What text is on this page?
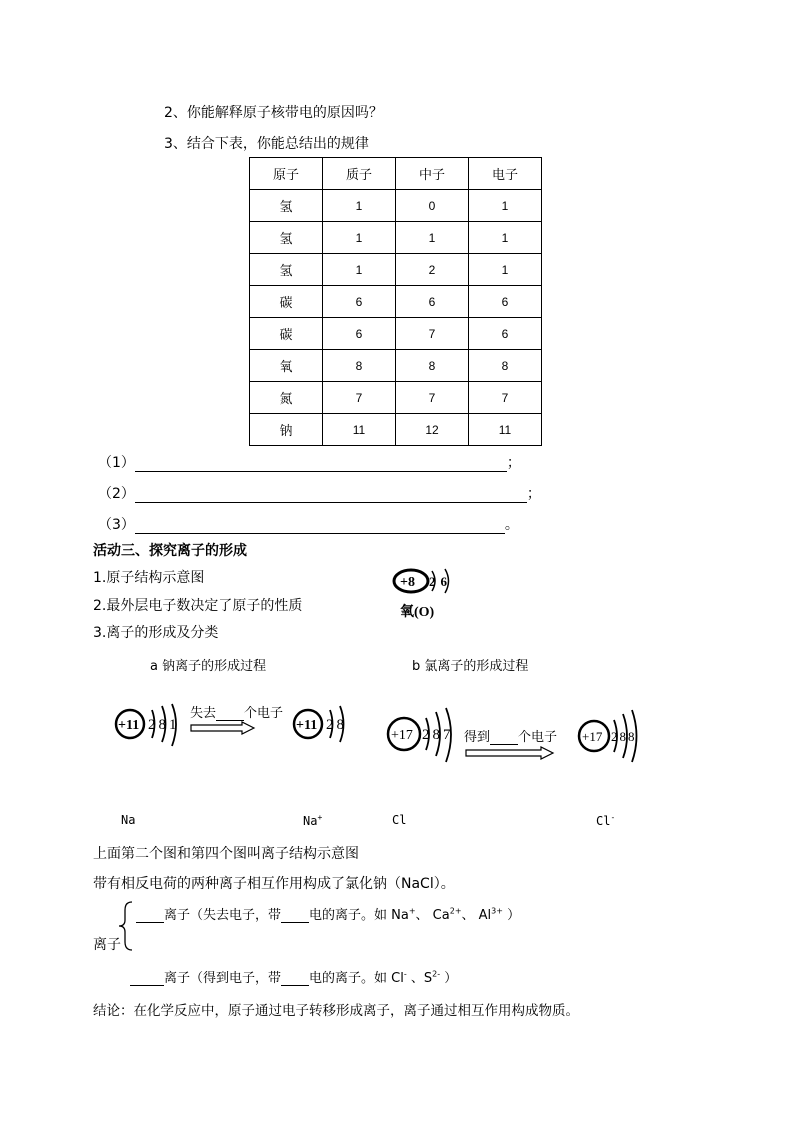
2、你能解释原子核带电的原因吗？
3、结合下表，你能总结出的规律
原子	质子	中子	电子
氢	1	0	1
氢	1	1	1
氢	1	2	1
碳	6	6	6
碳	6	7	6
氧	8	8	8
氮	7	7	7
钠	11	12	11
（1）	；
（2）	；
（3）	。
活动三、探究离子的形成
1.原子结构示意图
2.最外层电子数决定了原子的性质
3.离子的形成及分类
+8 26
氧(O)
a 钠离子的形成过程	b 氯离子的形成过程
+11 281
失去 个电子
+11 28
+17 287 得到 个电子 +17 288
Na	Na+	Cl	Cl-
上面第二个图和第四个图叫离子结构示意图
带有相反电荷的两种离子相互作用构成了氯化钠（NaCl）。
离子
离子（失去电子，带 电的离子。如 Na+、 $Ca^{2+}$、 $Al^{3+}$ ）
离子（得到电子，带 电的离子。如 Cl- 、$S^{2-}$ ）
结论：在化学反应中，原子通过电子转移形成离子，离子通过相互作用构成物质。
